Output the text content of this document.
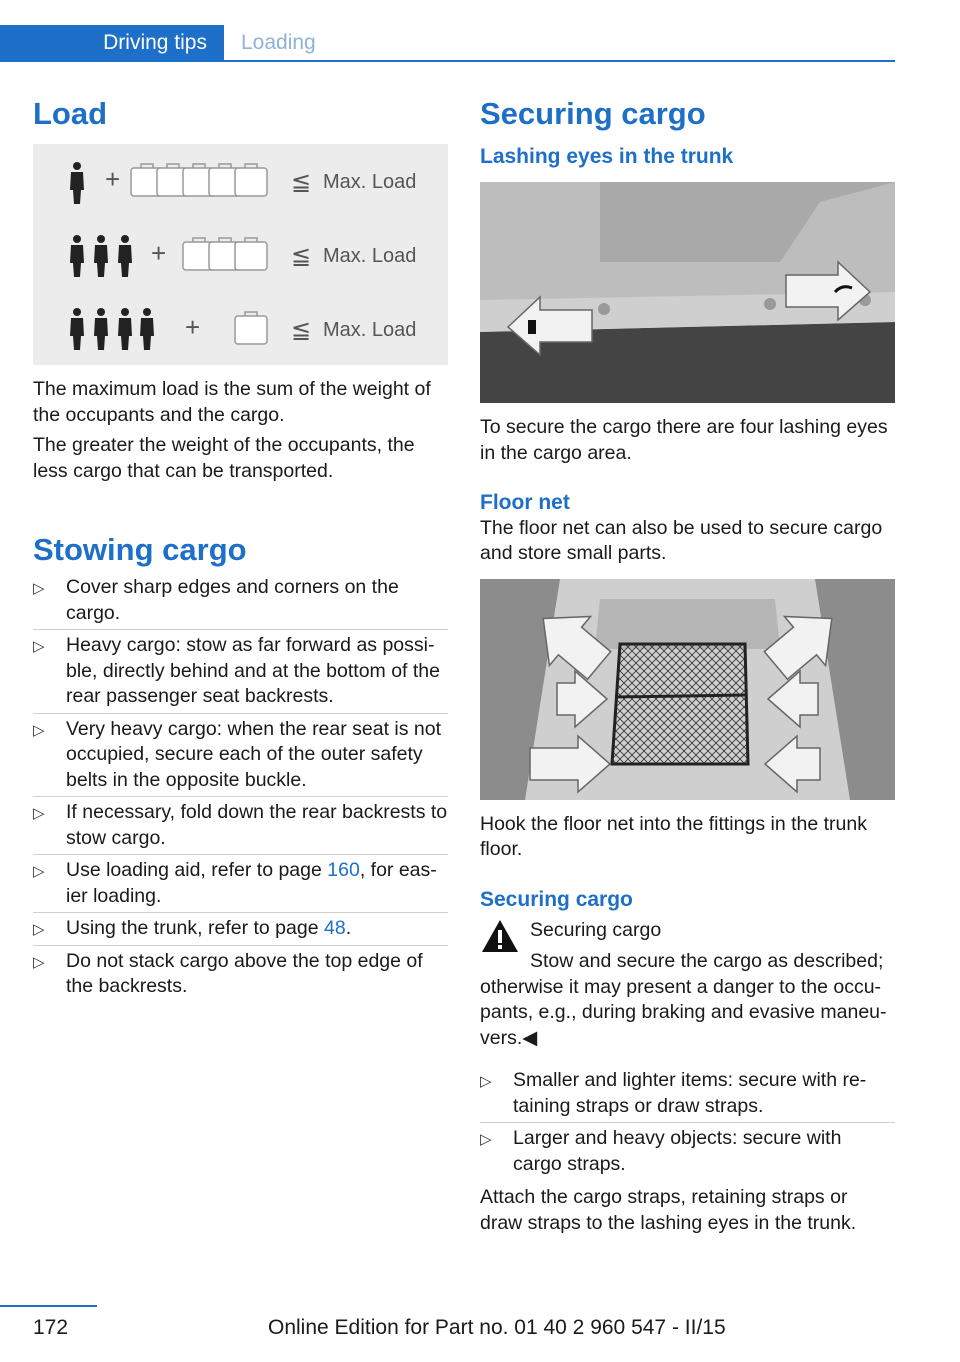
Driving tips	Loading
Load
+	≦ Max. Load
+	≦ Max. Load
+	≦ Max. Load

The maximum load is the sum of the weight of the occupants and the cargo.

The greater the weight of the occupants, the less cargo that can be transported.

Stowing cargo
▷ Cover sharp edges and corners on the cargo.
▷ Heavy cargo: stow as far forward as possi‐ble, directly behind and at the bottom of the rear passenger seat backrests.
▷ Very heavy cargo: when the rear seat is not occupied, secure each of the outer safety belts in the opposite buckle.
▷ If necessary, fold down the rear backrests to stow cargo.
▷ Use loading aid, refer to page 160, for eas‐ier loading.
▷ Using the trunk, refer to page 48.
▷ Do not stack cargo above the top edge of the backrests.
Securing cargo
Lashing eyes in the trunk

To secure the cargo there are four lashing eyes in the cargo area.

Floor net

The floor net can also be used to secure cargo and store small parts.

Hook the floor net into the fittings in the trunk floor.

Securing cargo

Securing cargo

Stow and secure the cargo as described;

otherwise it may present a danger to the occu‐pants, e.g., during braking and evasive maneu‐vers.◀

▷ Smaller and lighter items: secure with re‐taining straps or draw straps.
▷ Larger and heavy objects: secure with cargo straps.

Attach the cargo straps, retaining straps or draw straps to the lashing eyes in the trunk.

172	Online Edition for Part no. 01 40 2 960 547 - II/15
